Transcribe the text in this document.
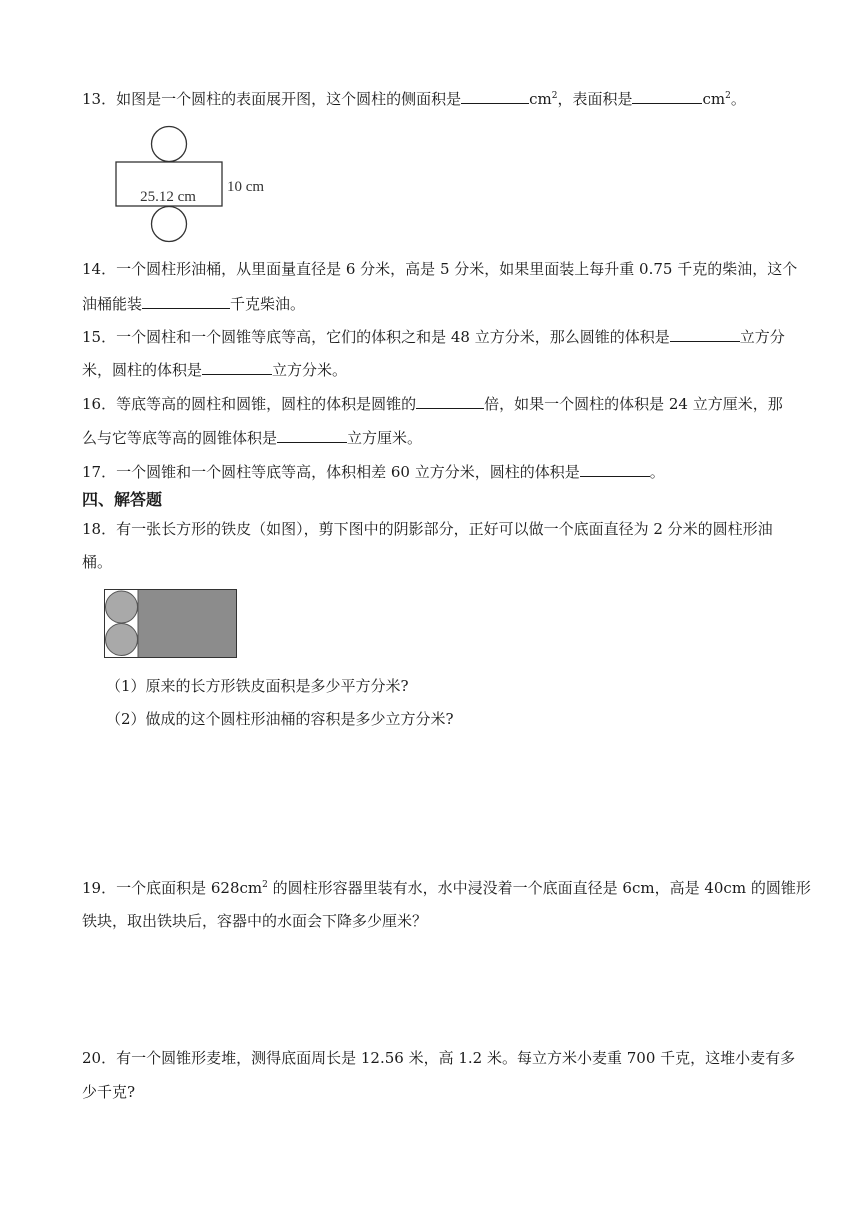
13．如图是一个圆柱的表面展开图，这个圆柱的侧面积是	$cm^2$，表面积是	$cm^2$。
25.12 cm
10 cm
14．一个圆柱形油桶，从里面量直径是 6 分米，高是 5 分米，如果里面装上每升重 0.75 千克的柴油，这个
油桶能装	千克柴油。
15．一个圆柱和一个圆锥等底等高，它们的体积之和是 48 立方分米，那么圆锥的体积是	立方分
米，圆柱的体积是	立方分米。
16．等底等高的圆柱和圆锥，圆柱的体积是圆锥的	倍，如果一个圆柱的体积是 24 立方厘米，那
么与它等底等高的圆锥体积是	立方厘米。
17．一个圆锥和一个圆柱等底等高，体积相差 60 立方分米，圆柱的体积是	。
四、解答题
18．有一张长方形的铁皮（如图），剪下图中的阴影部分，正好可以做一个底面直径为 2 分米的圆柱形油
桶。
（1）原来的长方形铁皮面积是多少平方分米?
（2）做成的这个圆柱形油桶的容积是多少立方分米?
19．一个底面积是 $628cm^2$ 的圆柱形容器里装有水，水中浸没着一个底面直径是 6cm，高是 40cm 的圆锥形
铁块，取出铁块后，容器中的水面会下降多少厘米？
20．有一个圆锥形麦堆，测得底面周长是 12.56 米，高 1.2 米。每立方米小麦重 700 千克，这堆小麦有多
少千克?
